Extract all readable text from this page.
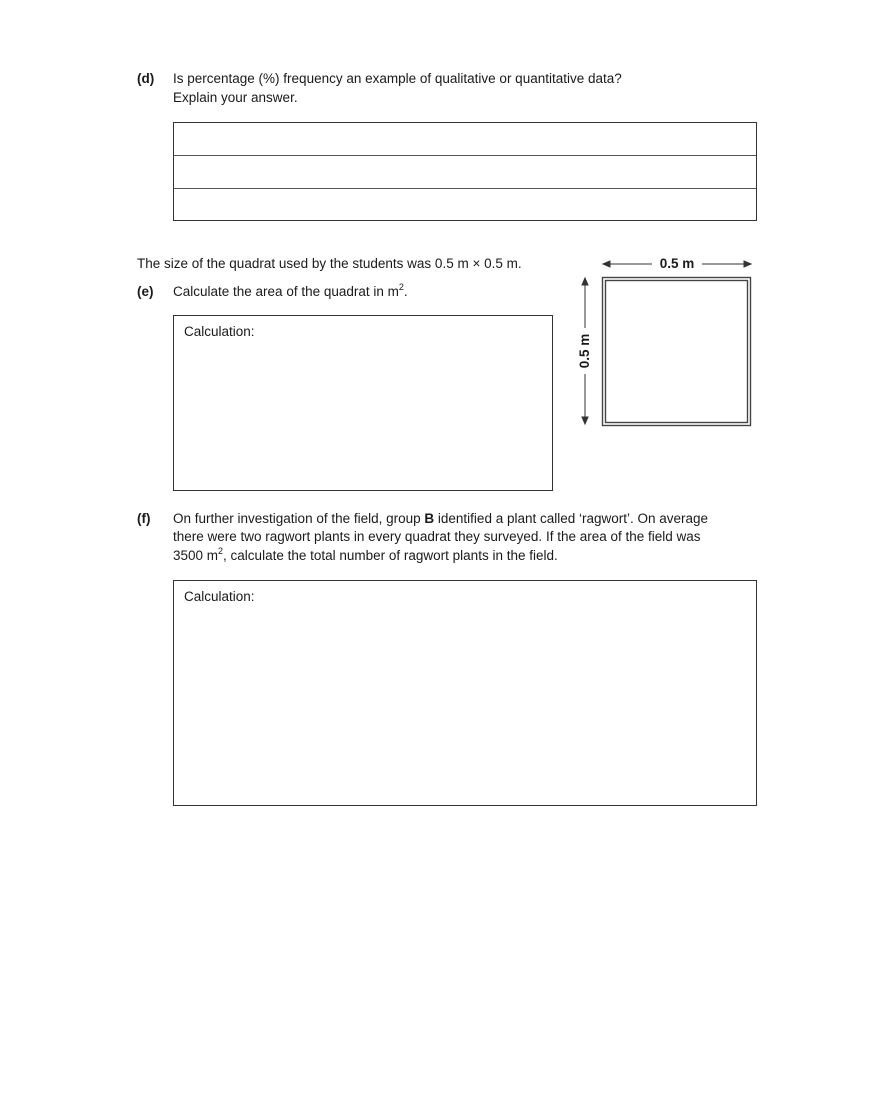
(d) Is percentage (%) frequency an example of qualitative or quantitative data?
Explain your answer.
The size of the quadrat used by the students was 0.5 m × 0.5 m.
(e) Calculate the area of the quadrat in $m^2$.
Calculation:
0.5 m
0.5 m
(f) On further investigation of the field, group B identified a plant called ‘ragwort’. On average
there were two ragwort plants in every quadrat they surveyed. If the area of the field was
3500 $m^2$, calculate the total number of ragwort plants in the field.
Calculation:
